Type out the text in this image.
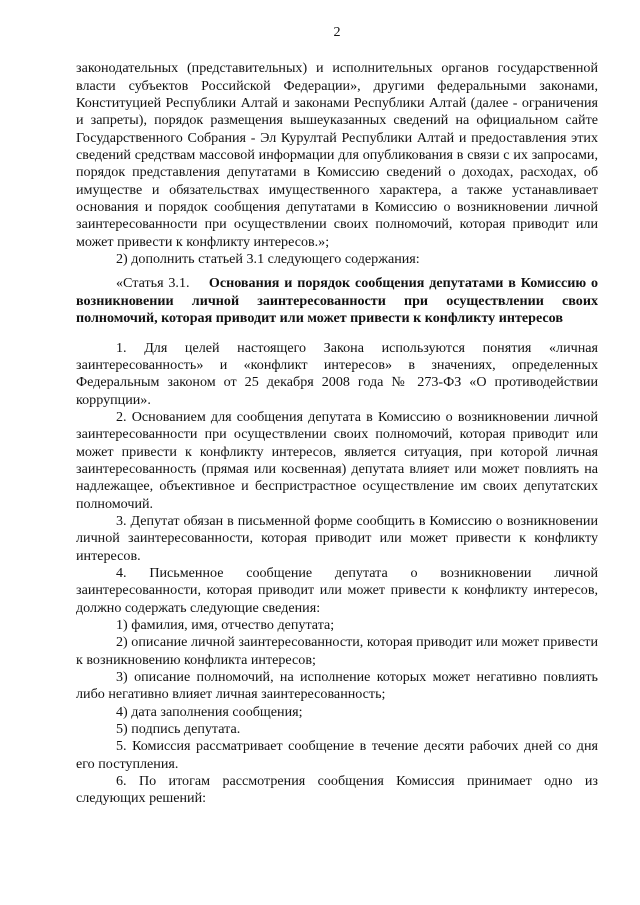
2

законодательных (представительных) и исполнительных органов государственной власти субъектов Российской Федерации», другими федеральными законами, Конституцией Республики Алтай и законами Республики Алтай (далее - ограничения и запреты), порядок размещения вышеуказанных сведений на официальном сайте Государственного Собрания - Эл Курултай Республики Алтай и предоставления этих сведений средствам массовой информации для опубликования в связи с их запросами, порядок представления депутатами в Комиссию сведений о доходах, расходах, об имуществе и обязательствах имущественного характера, а также устанавливает основания и порядок сообщения депутатами в Комиссию о возникновении личной заинтересованности при осуществлении своих полномочий, которая приводит или может привести к конфликту интересов.»;

2) дополнить статьей 3.1 следующего содержания:

«Статья 3.1. Основания и порядок сообщения депутатами в Комиссию о возникновении личной заинтересованности при осуществлении своих полномочий, которая приводит или может привести к конфликту интересов

1. Для целей настоящего Закона используются понятия «личная заинтересованность» и «конфликт интересов» в значениях, определенных Федеральным законом от 25 декабря 2008 года № 273-ФЗ «О противодействии коррупции».

2. Основанием для сообщения депутата в Комиссию о возникновении личной заинтересованности при осуществлении своих полномочий, которая приводит или может привести к конфликту интересов, является ситуация, при которой личная заинтересованность (прямая или косвенная) депутата влияет или может повлиять на надлежащее, объективное и беспристрастное осуществление им своих депутатских полномочий.

3. Депутат обязан в письменной форме сообщить в Комиссию о возникновении личной заинтересованности, которая приводит или может привести к конфликту интересов.

4. Письменное сообщение депутата о возникновении личной заинтересованности, которая приводит или может привести к конфликту интересов, должно содержать следующие сведения:

1) фамилия, имя, отчество депутата;

2) описание личной заинтересованности, которая приводит или может привести к возникновению конфликта интересов;

3) описание полномочий, на исполнение которых может негативно повлиять либо негативно влияет личная заинтересованность;

4) дата заполнения сообщения;

5) подпись депутата.

5. Комиссия рассматривает сообщение в течение десяти рабочих дней со дня его поступления.

6. По итогам рассмотрения сообщения Комиссия принимает одно из следующих решений:
